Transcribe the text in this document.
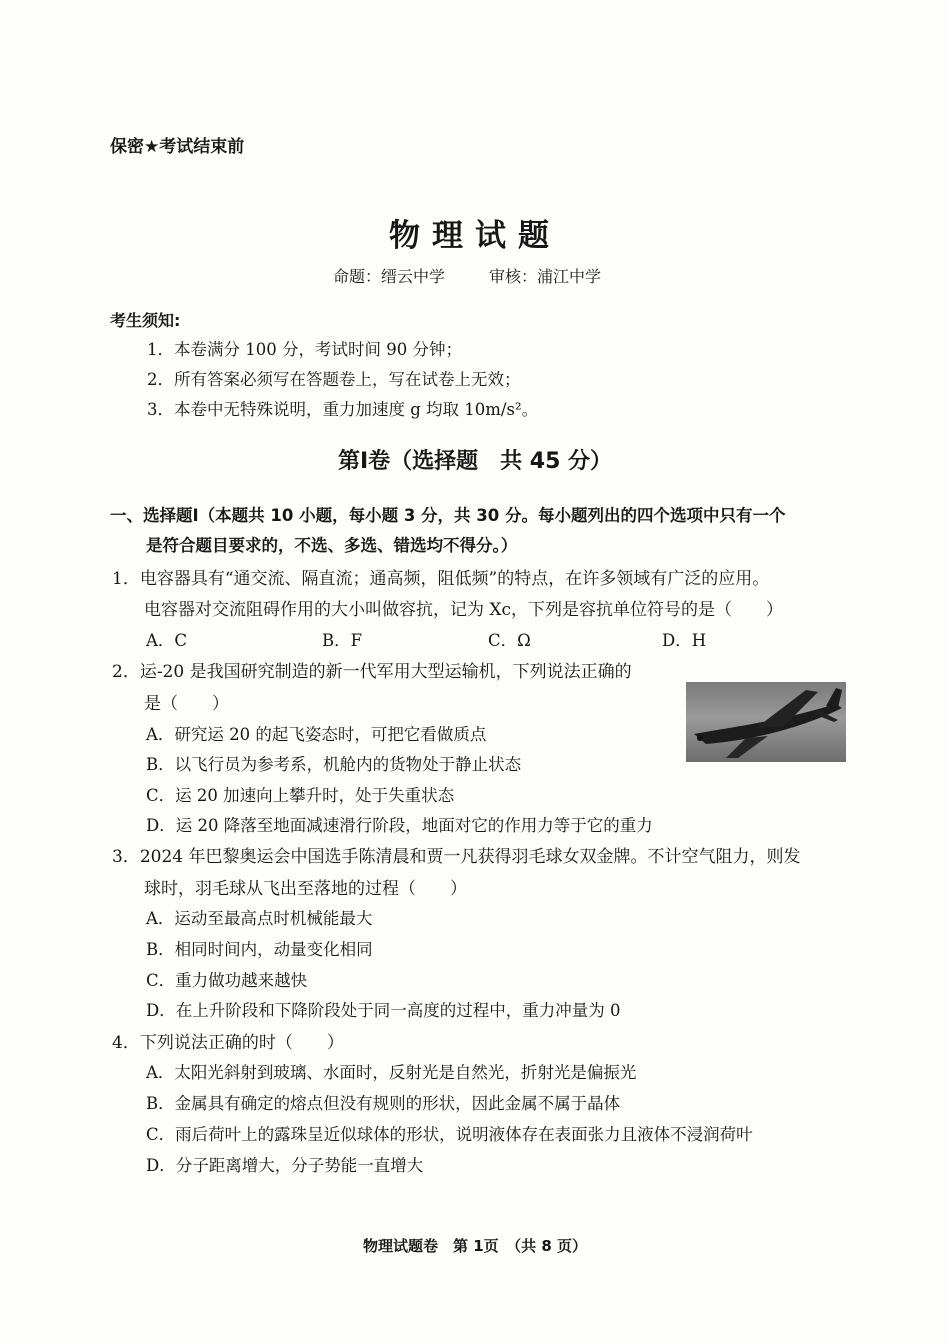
保密★考试结束前
物理试题
命题：缙云中学	审核：浦江中学
考生须知:
1．本卷满分 100 分，考试时间 90 分钟；
2．所有答案必须写在答题卷上，写在试卷上无效；
3．本卷中无特殊说明，重力加速度 g 均取 10m/s²。
第Ⅰ卷（选择题　共 45 分）
一、选择题Ⅰ（本题共 10 小题，每小题 3 分，共 30 分。每小题列出的四个选项中只有一个
是符合题目要求的，不选、多选、错选均不得分。）
1．电容器具有“通交流、隔直流；通高频，阻低频”的特点，在许多领域有广泛的应用。
电容器对交流阻碍作用的大小叫做容抗，记为 Xc，下列是容抗单位符号的是（　　）
A．C	B．F	C．Ω	D．H
2．运-20 是我国研究制造的新一代军用大型运输机，下列说法正确的
是（　　）
A．研究运 20 的起飞姿态时，可把它看做质点
B．以飞行员为参考系，机舱内的货物处于静止状态
C．运 20 加速向上攀升时，处于失重状态
D．运 20 降落至地面减速滑行阶段，地面对它的作用力等于它的重力
3．2024 年巴黎奥运会中国选手陈清晨和贾一凡获得羽毛球女双金牌。不计空气阻力，则发
球时，羽毛球从飞出至落地的过程（　　）
A．运动至最高点时机械能最大
B．相同时间内，动量变化相同
C．重力做功越来越快
D．在上升阶段和下降阶段处于同一高度的过程中，重力冲量为 0
4．下列说法正确的时（　　）
A．太阳光斜射到玻璃、水面时，反射光是自然光，折射光是偏振光
B．金属具有确定的熔点但没有规则的形状，因此金属不属于晶体
C．雨后荷叶上的露珠呈近似球体的形状，说明液体存在表面张力且液体不浸润荷叶
D．分子距离增大，分子势能一直增大
物理试题卷　第 1页　（共 8 页）
